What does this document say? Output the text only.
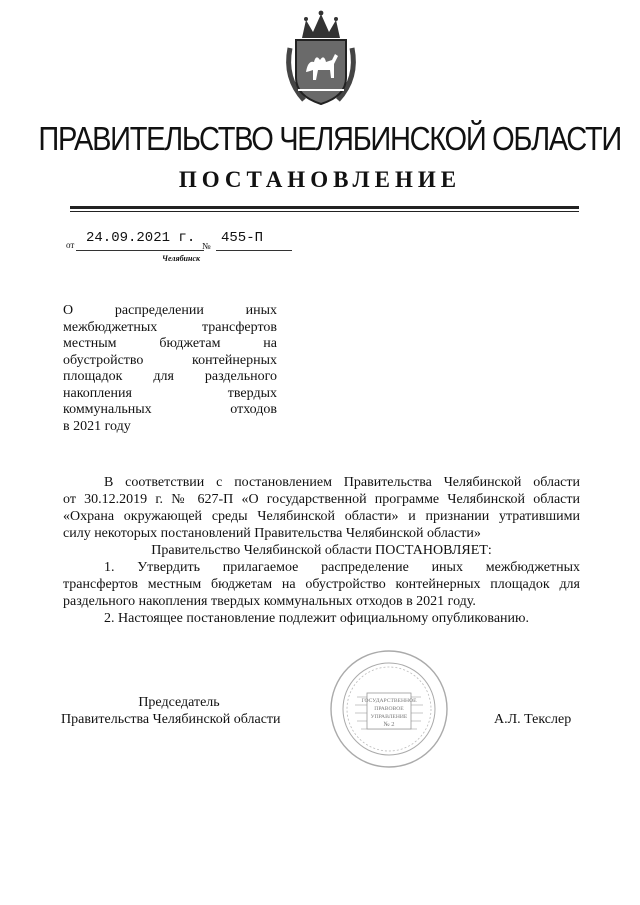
ПРАВИТЕЛЬСТВО ЧЕЛЯБИНСКОЙ ОБЛАСТИ
ПОСТАНОВЛЕНИЕ
от 24.09.2021 г. № 455-П
Челябинск
О распределении иных
межбюджетных трансфертов
местным бюджетам на
обустройство контейнерных
площадок для раздельного
накопления твердых
коммунальных отходов
в 2021 году
В соответствии с постановлением Правительства Челябинской области
от 30.12.2019 г. № 627-П «О государственной программе Челябинской области
«Охрана окружающей среды Челябинской области» и признании утратившими
силу некоторых постановлений Правительства Челябинской области»
Правительство Челябинской области ПОСТАНОВЛЯЕТ:
1. Утвердить прилагаемое распределение иных межбюджетных
трансфертов местным бюджетам на обустройство контейнерных площадок для
раздельного накопления твердых коммунальных отходов в 2021 году.
2. Настоящее постановление подлежит официальному опубликованию.
ГОСУДАРСТВЕННОЕ
ПРАВОВОЕ
УПРАВЛЕНИЕ
№ 2
Председатель
Правительства Челябинской области	А.Л. Текслер
